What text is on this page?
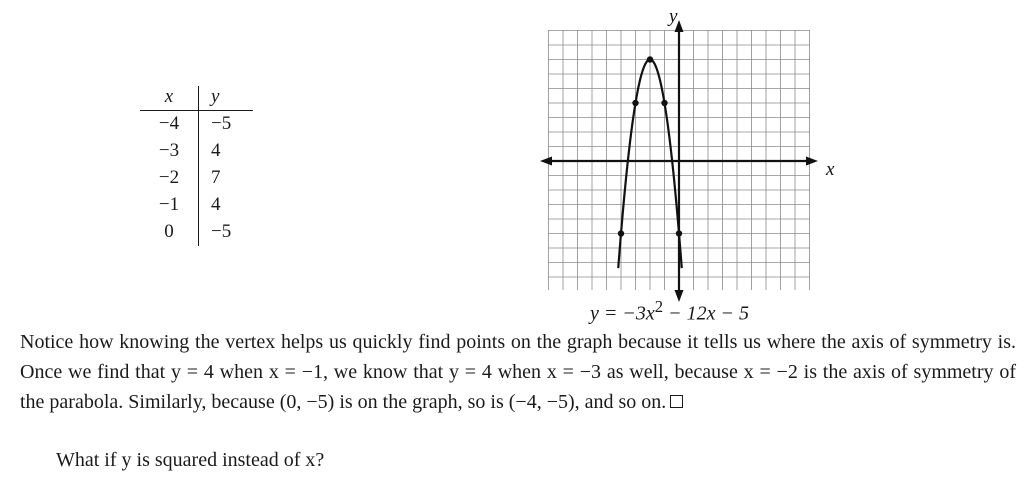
x	y
−4	−5
−3	4
−2	7
−1	4
0	−5
x
y
$y = -3x^2 - 12x - 5$
Notice how knowing the vertex helps us quickly find points on the graph because it tells us where the axis of symmetry is. Once we find that y = 4 when x = −1, we know that y = 4 when x = −3 as well, because x = −2 is the axis of symmetry of the parabola. Similarly, because (0, −5) is on the graph, so is (−4, −5), and so on.
What if y is squared instead of x?
